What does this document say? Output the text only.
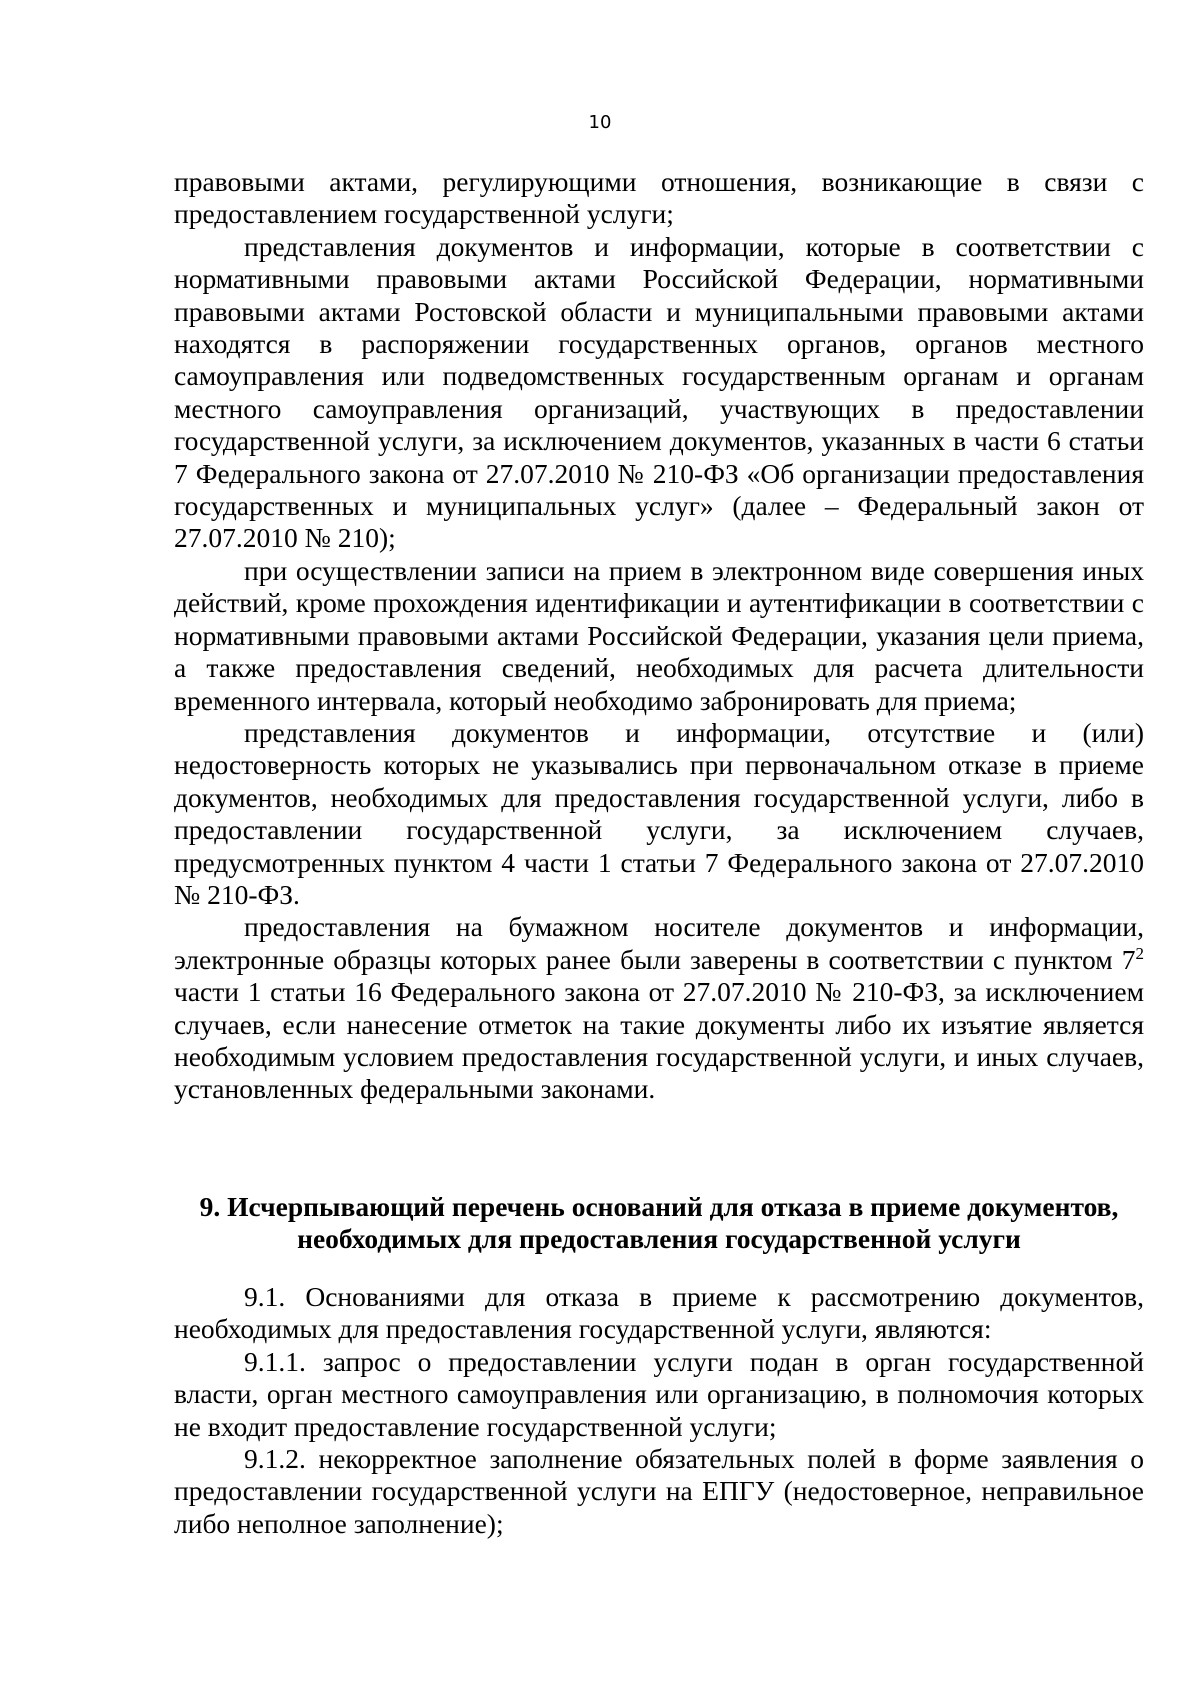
10

правовыми актами, регулирующими отношения, возникающие в связи с предоставлением государственной услуги;

представления документов и информации, которые в соответствии с нормативными правовыми актами Российской Федерации, нормативными правовыми актами Ростовской области и муниципальными правовыми актами находятся в распоряжении государственных органов, органов местного самоуправления или подведомственных государственным органам и органам местного самоуправления организаций, участвующих в предоставлении государственной услуги, за исключением документов, указанных в части 6 статьи 7 Федерального закона от 27.07.2010 № 210-ФЗ «Об организации предоставления государственных и муниципальных услуг» (далее – Федеральный закон от 27.07.2010 № 210);

при осуществлении записи на прием в электронном виде совершения иных действий, кроме прохождения идентификации и аутентификации в соответствии с нормативными правовыми актами Российской Федерации, указания цели приема, а также предоставления сведений, необходимых для расчета длительности временного интервала, который необходимо забронировать для приема;

представления документов и информации, отсутствие и (или) недостоверность которых не указывались при первоначальном отказе в приеме документов, необходимых для предоставления государственной услуги, либо в предоставлении государственной услуги, за исключением случаев, предусмотренных пунктом 4 части 1 статьи 7 Федерального закона от 27.07.2010 № 210-ФЗ.

предоставления на бумажном носителе документов и информации, электронные образцы которых ранее были заверены в соответствии с пунктом $7^2$ части 1 статьи 16 Федерального закона от 27.07.2010 № 210-ФЗ, за исключением случаев, если нанесение отметок на такие документы либо их изъятие является необходимым условием предоставления государственной услуги, и иных случаев, установленных федеральными законами.

9. Исчерпывающий перечень оснований для отказа в приеме документов,
необходимых для предоставления государственной услуги

9.1. Основаниями для отказа в приеме к рассмотрению документов, необходимых для предоставления государственной услуги, являются:

9.1.1. запрос о предоставлении услуги подан в орган государственной власти, орган местного самоуправления или организацию, в полномочия которых не входит предоставление государственной услуги;

9.1.2. некорректное заполнение обязательных полей в форме заявления о предоставлении государственной услуги на ЕПГУ (недостоверное, неправильное либо неполное заполнение);
